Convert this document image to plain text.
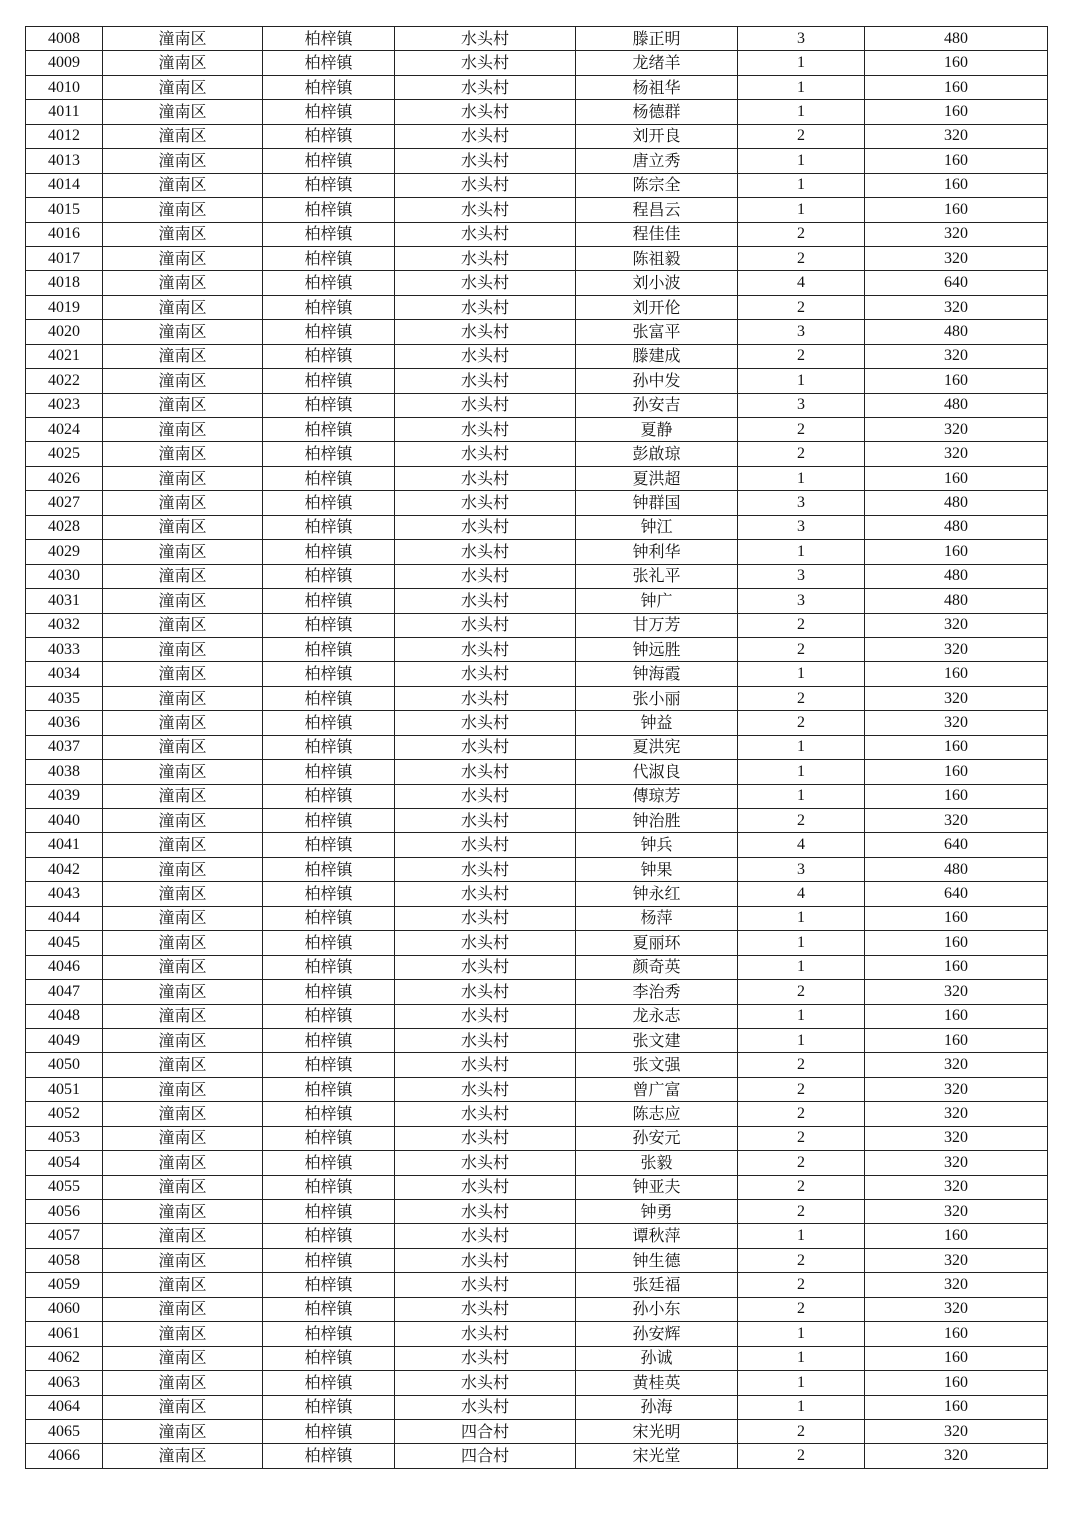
4008	潼南区	柏梓镇	水头村	滕正明	3	480
4009	潼南区	柏梓镇	水头村	龙绪羊	1	160
4010	潼南区	柏梓镇	水头村	杨祖华	1	160
4011	潼南区	柏梓镇	水头村	杨德群	1	160
4012	潼南区	柏梓镇	水头村	刘开良	2	320
4013	潼南区	柏梓镇	水头村	唐立秀	1	160
4014	潼南区	柏梓镇	水头村	陈宗全	1	160
4015	潼南区	柏梓镇	水头村	程昌云	1	160
4016	潼南区	柏梓镇	水头村	程佳佳	2	320
4017	潼南区	柏梓镇	水头村	陈祖毅	2	320
4018	潼南区	柏梓镇	水头村	刘小波	4	640
4019	潼南区	柏梓镇	水头村	刘开伦	2	320
4020	潼南区	柏梓镇	水头村	张富平	3	480
4021	潼南区	柏梓镇	水头村	滕建成	2	320
4022	潼南区	柏梓镇	水头村	孙中发	1	160
4023	潼南区	柏梓镇	水头村	孙安吉	3	480
4024	潼南区	柏梓镇	水头村	夏静	2	320
4025	潼南区	柏梓镇	水头村	彭啟琼	2	320
4026	潼南区	柏梓镇	水头村	夏洪超	1	160
4027	潼南区	柏梓镇	水头村	钟群国	3	480
4028	潼南区	柏梓镇	水头村	钟江	3	480
4029	潼南区	柏梓镇	水头村	钟利华	1	160
4030	潼南区	柏梓镇	水头村	张礼平	3	480
4031	潼南区	柏梓镇	水头村	钟广	3	480
4032	潼南区	柏梓镇	水头村	甘万芳	2	320
4033	潼南区	柏梓镇	水头村	钟远胜	2	320
4034	潼南区	柏梓镇	水头村	钟海霞	1	160
4035	潼南区	柏梓镇	水头村	张小丽	2	320
4036	潼南区	柏梓镇	水头村	钟益	2	320
4037	潼南区	柏梓镇	水头村	夏洪宪	1	160
4038	潼南区	柏梓镇	水头村	代淑良	1	160
4039	潼南区	柏梓镇	水头村	傳琼芳	1	160
4040	潼南区	柏梓镇	水头村	钟治胜	2	320
4041	潼南区	柏梓镇	水头村	钟兵	4	640
4042	潼南区	柏梓镇	水头村	钟果	3	480
4043	潼南区	柏梓镇	水头村	钟永红	4	640
4044	潼南区	柏梓镇	水头村	杨萍	1	160
4045	潼南区	柏梓镇	水头村	夏丽环	1	160
4046	潼南区	柏梓镇	水头村	颜奇英	1	160
4047	潼南区	柏梓镇	水头村	李治秀	2	320
4048	潼南区	柏梓镇	水头村	龙永志	1	160
4049	潼南区	柏梓镇	水头村	张文建	1	160
4050	潼南区	柏梓镇	水头村	张文强	2	320
4051	潼南区	柏梓镇	水头村	曾广富	2	320
4052	潼南区	柏梓镇	水头村	陈志应	2	320
4053	潼南区	柏梓镇	水头村	孙安元	2	320
4054	潼南区	柏梓镇	水头村	张毅	2	320
4055	潼南区	柏梓镇	水头村	钟亚夫	2	320
4056	潼南区	柏梓镇	水头村	钟勇	2	320
4057	潼南区	柏梓镇	水头村	谭秋萍	1	160
4058	潼南区	柏梓镇	水头村	钟生德	2	320
4059	潼南区	柏梓镇	水头村	张廷福	2	320
4060	潼南区	柏梓镇	水头村	孙小东	2	320
4061	潼南区	柏梓镇	水头村	孙安辉	1	160
4062	潼南区	柏梓镇	水头村	孙诚	1	160
4063	潼南区	柏梓镇	水头村	黄桂英	1	160
4064	潼南区	柏梓镇	水头村	孙海	1	160
4065	潼南区	柏梓镇	四合村	宋光明	2	320
4066	潼南区	柏梓镇	四合村	宋光堂	2	320
